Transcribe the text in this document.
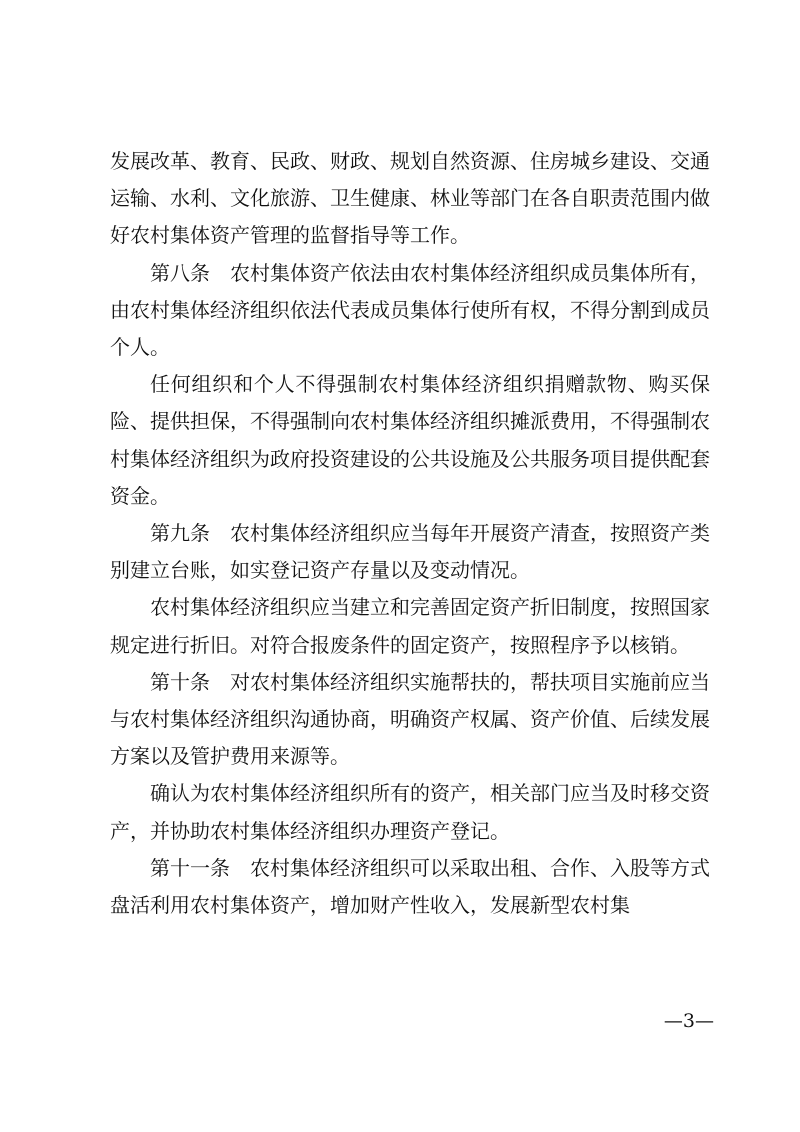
发展改革、教育、民政、财政、规划自然资源、住房城乡建设、交通运输、水利、文化旅游、卫生健康、林业等部门在各自职责范围内做好农村集体资产管理的监督指导等工作。

第八条 农村集体资产依法由农村集体经济组织成员集体所有，由农村集体经济组织依法代表成员集体行使所有权，不得分割到成员个人。

任何组织和个人不得强制农村集体经济组织捐赠款物、购买保险、提供担保，不得强制向农村集体经济组织摊派费用，不得强制农村集体经济组织为政府投资建设的公共设施及公共服务项目提供配套资金。

第九条 农村集体经济组织应当每年开展资产清查，按照资产类别建立台账，如实登记资产存量以及变动情况。

农村集体经济组织应当建立和完善固定资产折旧制度，按照国家规定进行折旧。对符合报废条件的固定资产，按照程序予以核销。

第十条 对农村集体经济组织实施帮扶的，帮扶项目实施前应当与农村集体经济组织沟通协商，明确资产权属、资产价值、后续发展方案以及管护费用来源等。

确认为农村集体经济组织所有的资产，相关部门应当及时移交资产，并协助农村集体经济组织办理资产登记。

第十一条 农村集体经济组织可以采取出租、合作、入股等方式盘活利用农村集体资产，增加财产性收入，发展新型农村集

—3—
